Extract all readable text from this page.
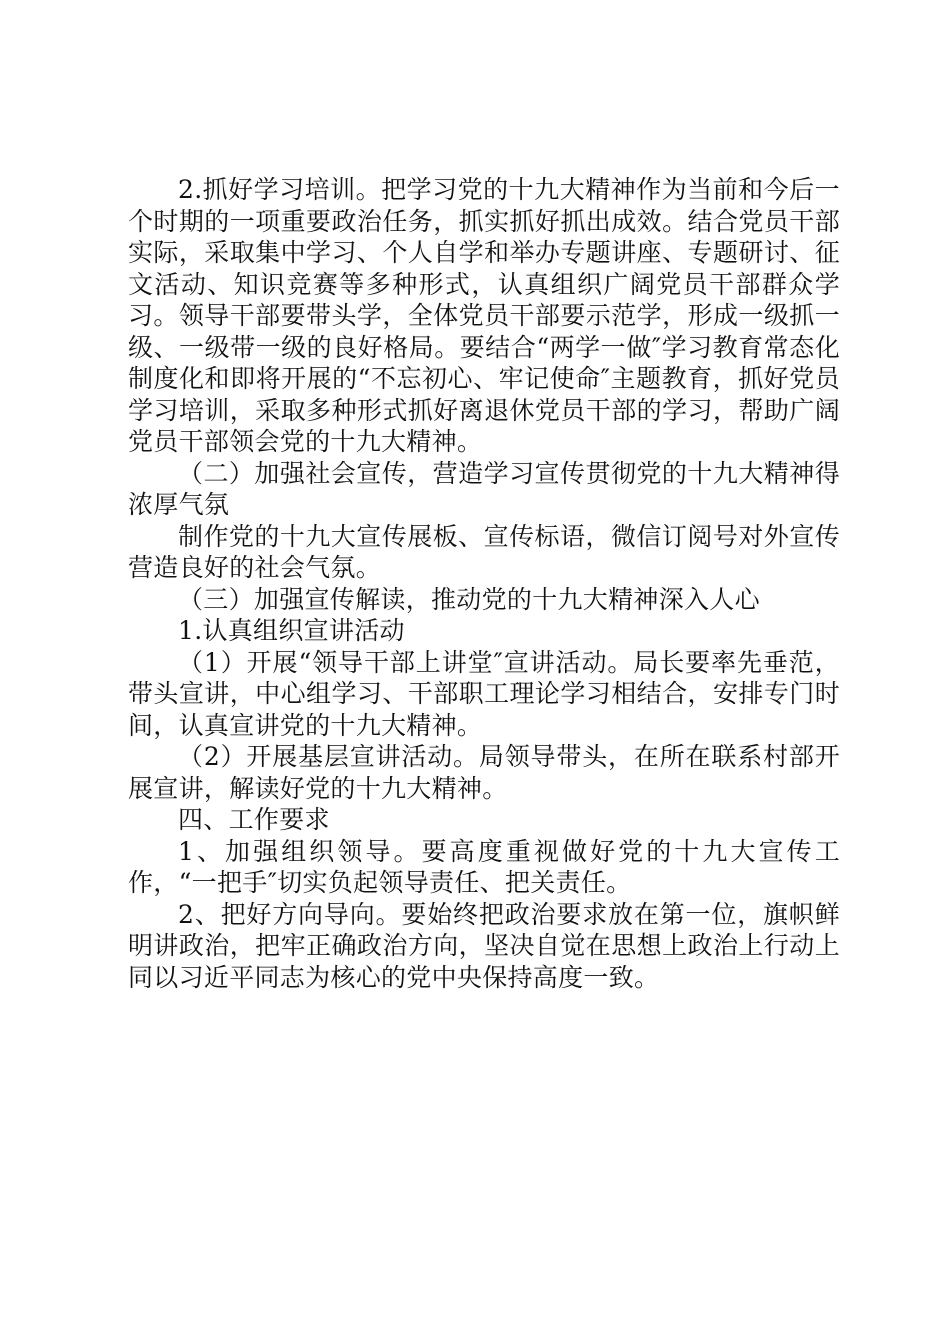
2.抓好学习培训。把学习党的十九大精神作为当前和今后一个时期的一项重要政治任务，抓实抓好抓出成效。结合党员干部实际，采取集中学习、个人自学和举办专题讲座、专题研讨、征文活动、知识竞赛等多种形式，认真组织广阔党员干部群众学习。领导干部要带头学，全体党员干部要示范学，形成一级抓一级、一级带一级的良好格局。要结合“两学一做″学习教育常态化制度化和即将开展的“不忘初心、牢记使命″主题教育，抓好党员学习培训，采取多种形式抓好离退休党员干部的学习，帮助广阔党员干部领会党的十九大精神。

（二）加强社会宣传，营造学习宣传贯彻党的十九大精神得浓厚气氛

制作党的十九大宣传展板、宣传标语，微信订阅号对外宣传营造良好的社会气氛。

（三）加强宣传解读，推动党的十九大精神深入人心

1.认真组织宣讲活动

（1）开展“领导干部上讲堂″宣讲活动。局长要率先垂范，带头宣讲，中心组学习、干部职工理论学习相结合，安排专门时间，认真宣讲党的十九大精神。

（2）开展基层宣讲活动。局领导带头，在所在联系村部开展宣讲，解读好党的十九大精神。

四、工作要求

1、加强组织领导。要高度重视做好党的十九大宣传工作，“一把手″切实负起领导责任、把关责任。

2、把好方向导向。要始终把政治要求放在第一位，旗帜鲜明讲政治，把牢正确政治方向，坚决自觉在思想上政治上行动上同以习近平同志为核心的党中央保持高度一致。
